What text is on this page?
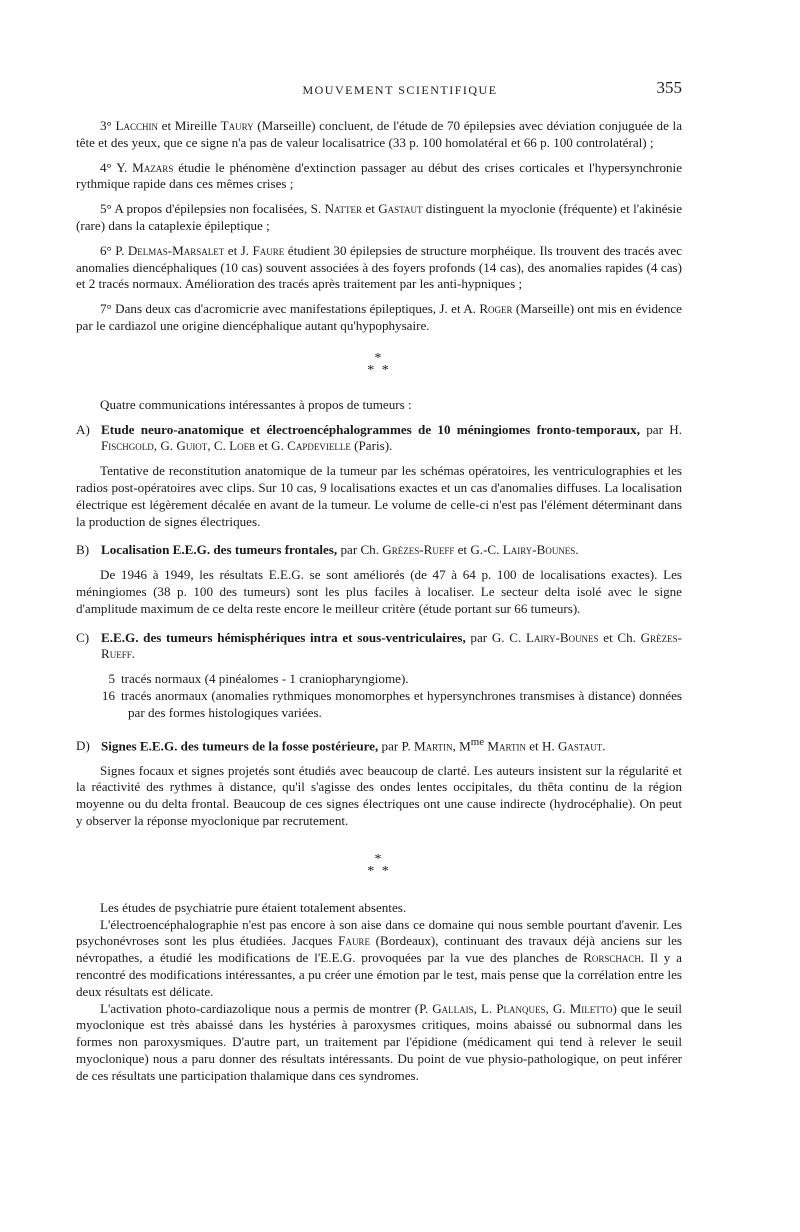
MOUVEMENT SCIENTIFIQUE	355

3° Lacchin et Mireille Taury (Marseille) concluent, de l'étude de 70 épilepsies avec déviation conjuguée de la tête et des yeux, que ce signe n'a pas de valeur localisatrice (33 p. 100 homolatéral et 66 p. 100 controlatéral) ;

4° Y. Mazars étudie le phénomène d'extinction passager au début des crises corticales et l'hypersynchronie rythmique rapide dans ces mêmes crises ;

5° A propos d'épilepsies non focalisées, S. Natter et Gastaut distinguent la myoclonie (fréquente) et l'akinésie (rare) dans la cataplexie épileptique ;

6° P. Delmas-Marsalet et J. Faure étudient 30 épilepsies de structure morphéique. Ils trouvent des tracés avec anomalies diencéphaliques (10 cas) souvent associées à des foyers profonds (14 cas), des anomalies rapides (4 cas) et 2 tracés normaux. Amélioration des tracés après traitement par les anti-hypniques ;

7° Dans deux cas d'acromicrie avec manifestations épileptiques, J. et A. Roger (Marseille) ont mis en évidence par le cardiazol une origine diencéphalique autant qu'hypophysaire.

*
* *

Quatre communications intéressantes à propos de tumeurs :

A) Etude neuro-anatomique et électroencéphalogrammes de 10 méningiomes fronto-temporaux, par H. Fischgold, G. Guiot, C. Loeb et G. Capdevielle (Paris).

Tentative de reconstitution anatomique de la tumeur par les schémas opératoires, les ventriculographies et les radios post-opératoires avec clips. Sur 10 cas, 9 localisations exactes et un cas d'anomalies diffuses. La localisation électrique est légèrement décalée en avant de la tumeur. Le volume de celle-ci n'est pas l'élément déterminant dans la production de signes électriques.

B) Localisation E.E.G. des tumeurs frontales, par Ch. Grèzes-Rueff et G.-C. Lairy-Bounes.

De 1946 à 1949, les résultats E.E.G. se sont améliorés (de 47 à 64 p. 100 de localisations exactes). Les méningiomes (38 p. 100 des tumeurs) sont les plus faciles à localiser. Le secteur delta isolé avec le signe d'amplitude maximum de ce delta reste encore le meilleur critère (étude portant sur 66 tumeurs).

C) E.E.G. des tumeurs hémisphériques intra et sous-ventriculaires, par G. C. Lairy-Bounes et Ch. Grèzes-Rueff.

5 tracés normaux (4 pinéalomes - 1 craniopharyngiome).

16 tracés anormaux (anomalies rythmiques monomorphes et hypersynchrones transmises à distance) données par des formes histologiques variées.

D) Signes E.E.G. des tumeurs de la fosse postérieure, par P. Martin, $M^{me}$ Martin et H. Gastaut.

Signes focaux et signes projetés sont étudiés avec beaucoup de clarté. Les auteurs insistent sur la régularité et la réactivité des rythmes à distance, qu'il s'agisse des ondes lentes occipitales, du thêta continu de la région moyenne ou du delta frontal. Beaucoup de ces signes électriques ont une cause indirecte (hydrocéphalie). On peut y observer la réponse myoclonique par recrutement.

*
* *

Les études de psychiatrie pure étaient totalement absentes.

L'électroencéphalographie n'est pas encore à son aise dans ce domaine qui nous semble pourtant d'avenir. Les psychonévroses sont les plus étudiées. Jacques Faure (Bordeaux), continuant des travaux déjà anciens sur les névropathes, a étudié les modifications de l'E.E.G. provoquées par la vue des planches de Rorschach. Il y a rencontré des modifications intéressantes, a pu créer une émotion par le test, mais pense que la corrélation entre les deux résultats est délicate.

L'activation photo-cardiazolique nous a permis de montrer (P. Gallais, L. Planques, G. Miletto) que le seuil myoclonique est très abaissé dans les hystéries à paroxysmes critiques, moins abaissé ou subnormal dans les formes non paroxysmiques. D'autre part, un traitement par l'épidione (médicament qui tend à relever le seuil myoclonique) nous a paru donner des résultats intéressants. Du point de vue physio-pathologique, on peut inférer de ces résultats une participation thalamique dans ces syndromes.
